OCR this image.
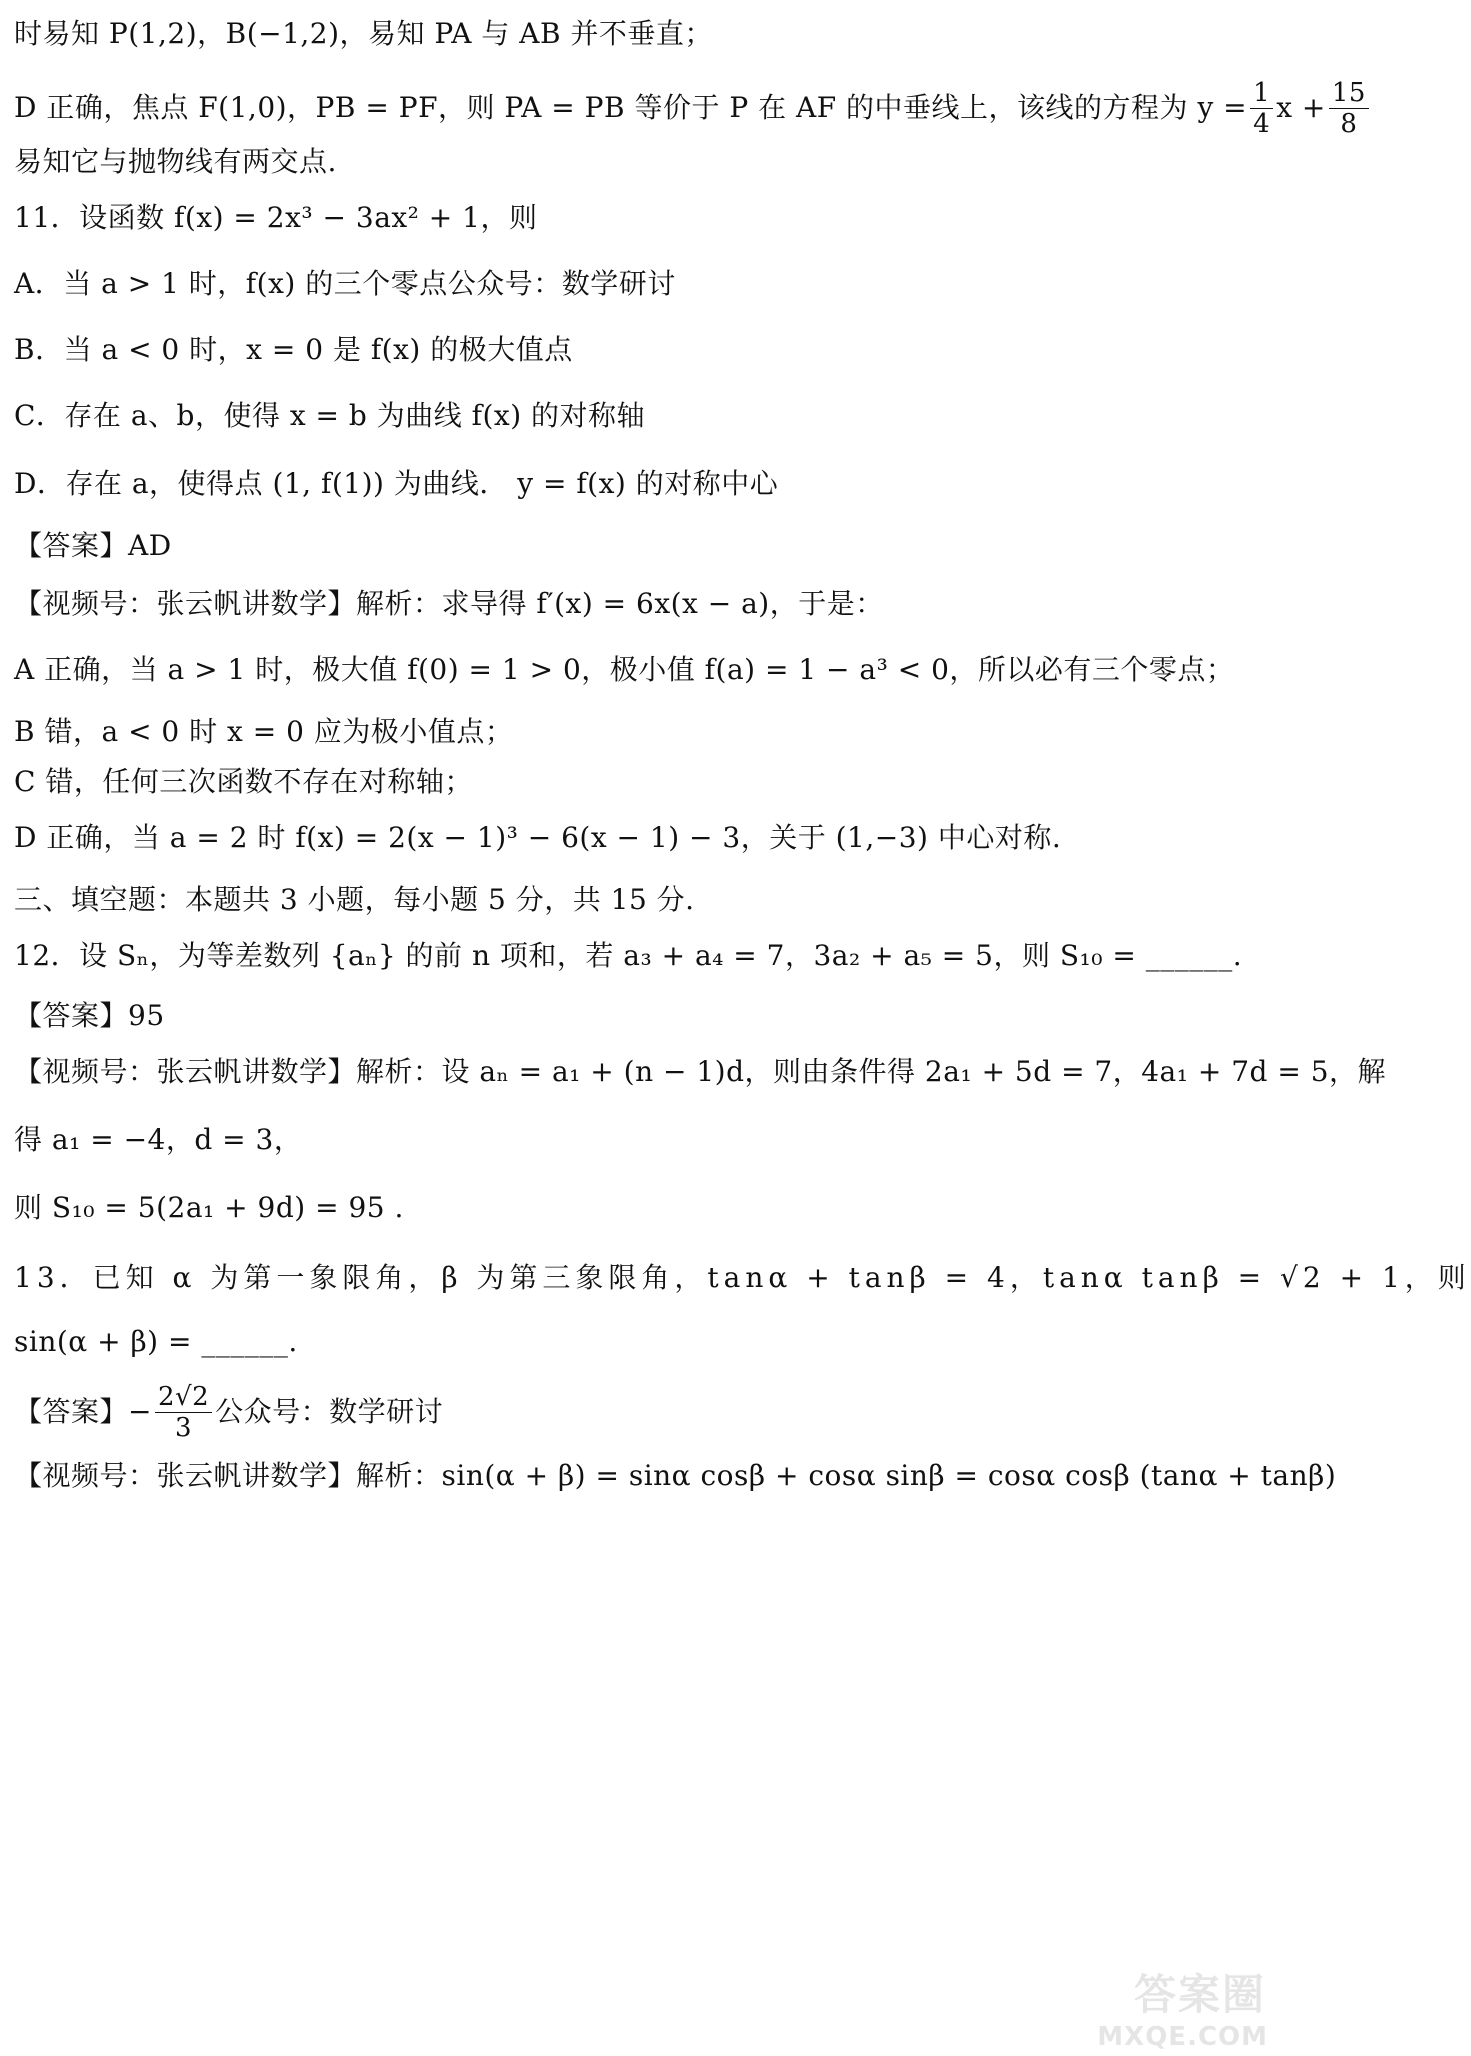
时易知 P(1,2)，B(−1,2)，易知 PA 与 AB 并不垂直；
D 正确，焦点 F(1,0)，PB = PF，则 PA = PB 等价于 P 在 AF 的中垂线上，该线的方程为 $y = \frac{1}{4}$ $x + \frac{15}{8}$
易知它与抛物线有两交点.
11．设函数 f(x) = 2x³ − 3ax² + 1，则
A．当 a > 1 时，f(x) 的三个零点公众号：数学研讨
B．当 a < 0 时，x = 0 是 f(x) 的极大值点
C．存在 a、b，使得 x = b 为曲线 f(x) 的对称轴
D．存在 a，使得点 (1, f(1)) 为曲线． y = f(x) 的对称中心
【答案】AD
【视频号：张云帆讲数学】解析：求导得 f′(x) = 6x(x − a)，于是：
A 正确，当 a > 1 时，极大值 f(0) = 1 > 0，极小值 f(a) = 1 − a³ < 0，所以必有三个零点；
B 错，a < 0 时 x = 0 应为极小值点；
C 错，任何三次函数不存在对称轴；
D 正确，当 a = 2 时 f(x) = 2(x − 1)³ − 6(x − 1) − 3，关于 (1,−3) 中心对称.
三、填空题：本题共 3 小题，每小题 5 分，共 15 分.
12．设 Sₙ，为等差数列 {aₙ} 的前 n 项和，若 a₃ + a₄ = 7，3a₂ + a₅ = 5，则 S₁₀ = ______.
【答案】95
【视频号：张云帆讲数学】解析：设 aₙ = a₁ + (n − 1)d，则由条件得 2a₁ + 5d = 7，4a₁ + 7d = 5，解
得 a₁ = −4，d = 3，
则 S₁₀ = 5(2a₁ + 9d) = 95 .
13．已知 α 为第一象限角，β 为第三象限角，tanα + tanβ = 4，tanα tanβ = √2 + 1，则
sin(α + β) = ______.
【答案】− $\frac{2√2}{3}$ 公众号：数学研讨
【视频号：张云帆讲数学】解析：sin(α + β) = sinα cosβ + cosα sinβ = cosα cosβ (tanα + tanβ)
答案圈
MXQE.COM
